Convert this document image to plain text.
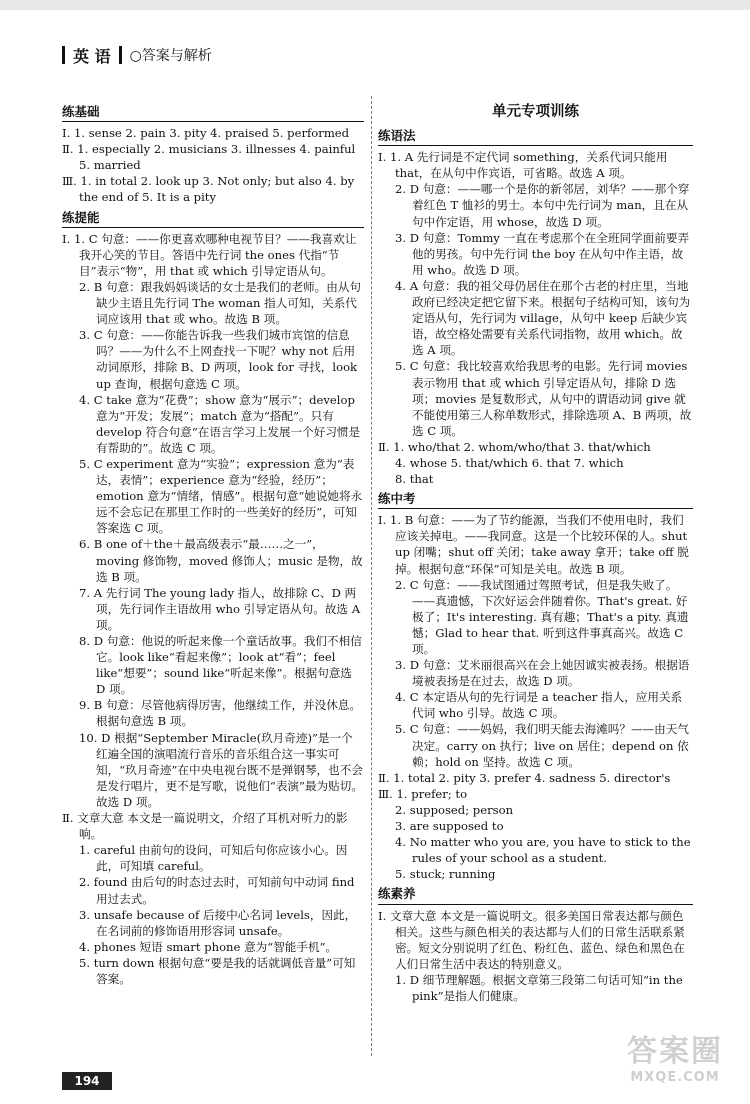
英 语 ○答案与解析
练基础

Ⅰ. 1. sense 2. pain 3. pity 4. praised 5. performed

Ⅱ. 1. especially 2. musicians 3. illnesses 4. painful

5. married

Ⅲ. 1. in total 2. look up 3. Not only; but also 4. by the end of 5. It is a pity

练提能

Ⅰ. 1. C 句意：——你更喜欢哪种电视节目？——我喜欢让我开心笑的节目。答语中先行词 the ones 代指“节目”表示“物”，用 that 或 which 引导定语从句。

2. B 句意：跟我妈妈谈话的女士是我们的老师。由从句缺少主语且先行词 The woman 指人可知，关系代词应该用 that 或 who。故选 B 项。

3. C 句意：——你能告诉我一些我们城市宾馆的信息吗？——为什么不上网查找一下呢？why not 后用动词原形，排除 B、D 两项，look for 寻找，look up 查询，根据句意选 C 项。

4. C take 意为“花费”；show 意为“展示”；develop 意为“开发；发展”；match 意为“搭配”。只有 develop 符合句意“在语言学习上发展一个好习惯是有帮助的”。故选 C 项。

5. C experiment 意为“实验”；expression 意为“表达，表情”；experience 意为“经验，经历”；emotion 意为“情绪，情感”。根据句意“她说她将永远不会忘记在那里工作时的一些美好的经历”，可知答案选 C 项。

6. B one of＋the＋最高级表示“最……之一”，moving 修饰物，moved 修饰人；music 是物，故选 B 项。

7. A 先行词 The young lady 指人，故排除 C、D 两项，先行词作主语故用 who 引导定语从句。故选 A 项。

8. D 句意：他说的听起来像一个童话故事。我们不相信它。look like“看起来像”；look at“看”；feel like“想要”；sound like“听起来像”。根据句意选 D 项。

9. B 句意：尽管他病得厉害，他继续工作，并没休息。根据句意选 B 项。

10. D 根据“September Miracle(玖月奇迹)”是一个红遍全国的演唱流行音乐的音乐组合这一事实可知，“玖月奇迹”在中央电视台既不是弹钢琴，也不会是发行唱片，更不是写歌，说他们“表演”最为贴切。故选 D 项。

Ⅱ. 文章大意 本文是一篇说明文，介绍了耳机对听力的影响。

1. careful 由前句的设问，可知后句你应该小心。因此，可知填 careful。

2. found 由后句的时态过去时，可知前句中动词 find 用过去式。

3. unsafe because of 后接中心名词 levels，因此，在名词前的修饰语用形容词 unsafe。

4. phones 短语 smart phone 意为“智能手机”。

5. turn down 根据句意“要是我的话就调低音量”可知答案。

单元专项训练
练语法

Ⅰ. 1. A 先行词是不定代词 something，关系代词只能用 that，在从句中作宾语，可省略。故选 A 项。

2. D 句意：——哪一个是你的新邻居，刘华？——那个穿着红色 T 恤衫的男士。本句中先行词为 man，且在从句中作定语，用 whose，故选 D 项。

3. D 句意：Tommy 一直在考虑那个在全班同学面前要弄他的男孩。句中先行词 the boy 在从句中作主语，故用 who。故选 D 项。

4. A 句意：我的祖父母仍居住在那个古老的村庄里，当地政府已经决定把它留下来。根据句子结构可知，该句为定语从句，先行词为 village，从句中 keep 后缺少宾语，故空格处需要有关系代词指物，故用 which。故选 A 项。

5. C 句意：我比较喜欢给我思考的电影。先行词 movies 表示物用 that 或 which 引导定语从句，排除 D 选项；movies 是复数形式，从句中的谓语动词 give 就不能使用第三人称单数形式，排除选项 A、B 两项，故选 C 项。

Ⅱ. 1. who/that 2. whom/who/that 3. that/which

4. whose 5. that/which 6. that 7. which

8. that

练中考

Ⅰ. 1. B 句意：——为了节约能源，当我们不使用电时，我们应该关掉电。——我同意。这是一个比较环保的人。shut up 闭嘴；shut off 关闭；take away 拿开；take off 脱掉。根据句意“环保”可知是关电。故选 B 项。

2. C 句意：——我试图通过驾照考试，但是我失败了。——真遗憾，下次好运会伴随着你。That's great. 好极了；It's interesting. 真有趣；That's a pity. 真遗憾；Glad to hear that. 听到这件事真高兴。故选 C 项。

3. D 句意：艾米丽很高兴在会上她因诚实被表扬。根据语境被表扬是在过去，故选 D 项。

4. C 本定语从句的先行词是 a teacher 指人，应用关系代词 who 引导。故选 C 项。

5. C 句意：——妈妈，我们明天能去海滩吗？——由天气决定。carry on 执行；live on 居住；depend on 依赖；hold on 坚持。故选 C 项。

Ⅱ. 1. total 2. pity 3. prefer 4. sadness 5. director's

Ⅲ. 1. prefer; to

2. supposed; person

3. are supposed to

4. No matter who you are, you have to stick to the rules of your school as a student.

5. stuck; running

练素养

Ⅰ. 文章大意 本文是一篇说明文。很多美国日常表达都与颜色相关。这些与颜色相关的表达都与人们的日常生活联系紧密。短文分别说明了红色、粉红色、蓝色、绿色和黑色在人们日常生活中表达的特别意义。

1. D 细节理解题。根据文章第三段第二句话可知“in the pink”是指人们健康。

194
答案圈
MXQE.COM
